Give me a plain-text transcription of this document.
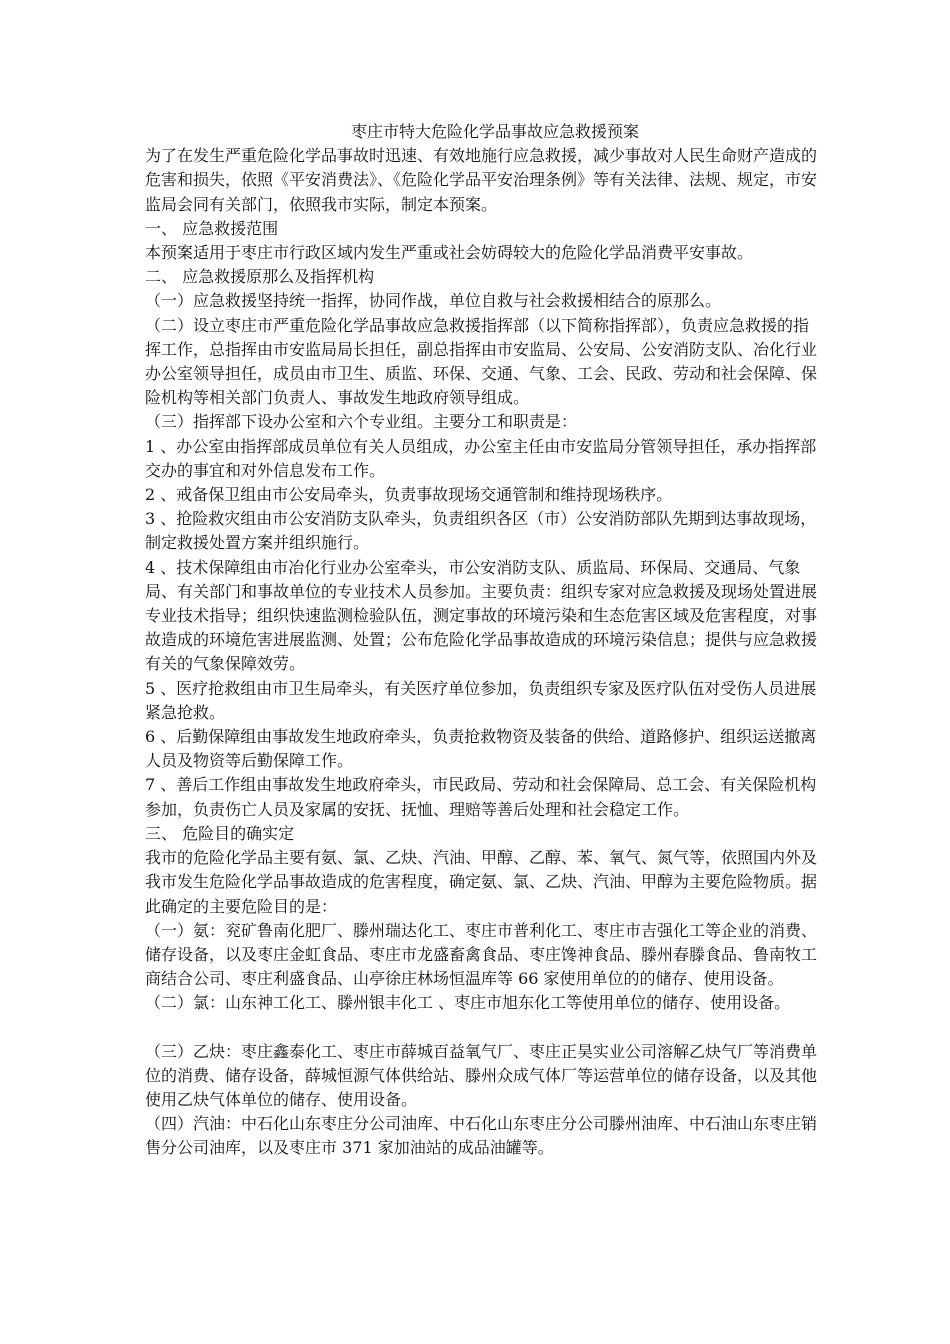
枣庄市特大危险化学品事故应急救援预案

为了在发生严重危险化学品事故时迅速、有效地施行应急救援，减少事故对人民生命财产造成的危害和损失，依照《平安消费法》、《危险化学品平安治理条例》等有关法律、法规、规定，市安监局会同有关部门，依照我市实际，制定本预案。

一、 应急救援范围

本预案适用于枣庄市行政区域内发生严重或社会妨碍较大的危险化学品消费平安事故。

二、 应急救援原那么及指挥机构

（一）应急救援坚持统一指挥，协同作战，单位自救与社会救援相结合的原那么。

（二）设立枣庄市严重危险化学品事故应急救援指挥部（以下简称指挥部），负责应急救援的指挥工作，总指挥由市安监局局长担任，副总指挥由市安监局、公安局、公安消防支队、冶化行业办公室领导担任，成员由市卫生、质监、环保、交通、气象、工会、民政、劳动和社会保障、保险机构等相关部门负责人、事故发生地政府领导组成。

（三）指挥部下设办公室和六个专业组。主要分工和职责是：

1 、办公室由指挥部成员单位有关人员组成，办公室主任由市安监局分管领导担任，承办指挥部交办的事宜和对外信息发布工作。

2 、戒备保卫组由市公安局牵头，负责事故现场交通管制和维持现场秩序。

3 、抢险救灾组由市公安消防支队牵头，负责组织各区（市）公安消防部队先期到达事故现场，制定救援处置方案并组织施行。

4 、技术保障组由市冶化行业办公室牵头，市公安消防支队、质监局、环保局、交通局、气象局、有关部门和事故单位的专业技术人员参加。主要负责：组织专家对应急救援及现场处置进展专业技术指导；组织快速监测检验队伍，测定事故的环境污染和生态危害区域及危害程度，对事故造成的环境危害进展监测、处置；公布危险化学品事故造成的环境污染信息；提供与应急救援有关的气象保障效劳。

5 、医疗抢救组由市卫生局牵头，有关医疗单位参加，负责组织专家及医疗队伍对受伤人员进展紧急抢救。

6 、后勤保障组由事故发生地政府牵头，负责抢救物资及装备的供给、道路修护、组织运送撤离人员及物资等后勤保障工作。

7 、善后工作组由事故发生地政府牵头，市民政局、劳动和社会保障局、总工会、有关保险机构参加，负责伤亡人员及家属的安抚、抚恤、理赔等善后处理和社会稳定工作。

三、 危险目的确实定

我市的危险化学品主要有氨、氯、乙炔、汽油、甲醇、乙醇、苯、氧气、氮气等，依照国内外及我市发生危险化学品事故造成的危害程度，确定氨、氯、乙炔、汽油、甲醇为主要危险物质。据此确定的主要危险目的是：

（一）氨：兖矿鲁南化肥厂、滕州瑞达化工、枣庄市普利化工、枣庄市吉强化工等企业的消费、储存设备，以及枣庄金虹食品、枣庄市龙盛畜禽食品、枣庄馋神食品、滕州春滕食品、鲁南牧工商结合公司、枣庄利盛食品、山亭徐庄林场恒温库等 66 家使用单位的的储存、使用设备。

（二）氯：山东神工化工、滕州银丰化工 、枣庄市旭东化工等使用单位的储存、使用设备。

（三）乙炔：枣庄鑫泰化工、枣庄市薛城百益氧气厂、枣庄正昊实业公司溶解乙炔气厂等消费单位的消费、储存设备，薛城恒源气体供给站、滕州众成气体厂等运营单位的储存设备，以及其他使用乙炔气体单位的储存、使用设备。

（四）汽油：中石化山东枣庄分公司油库、中石化山东枣庄分公司滕州油库、中石油山东枣庄销售分公司油库，以及枣庄市 371 家加油站的成品油罐等。
